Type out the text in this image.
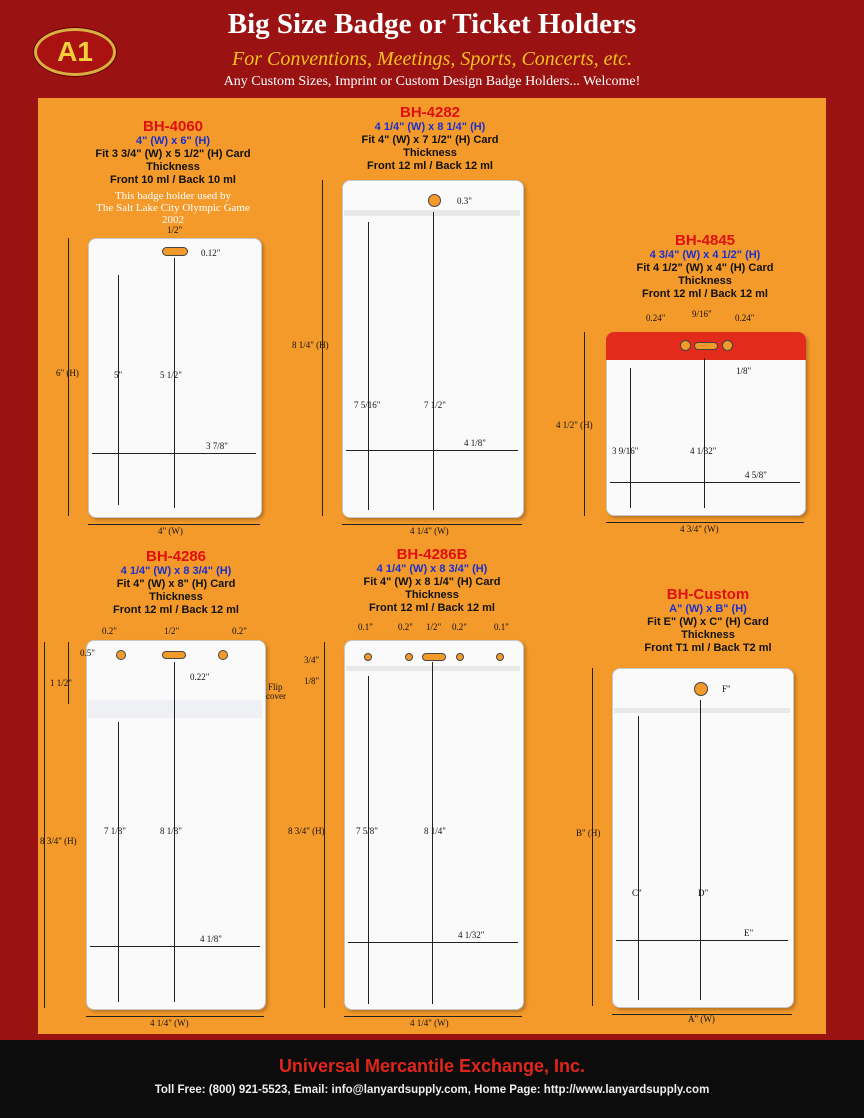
A1
Big Size Badge or Ticket Holders
For Conventions, Meetings, Sports, Concerts, etc.
Any Custom Sizes, Imprint or Custom Design Badge Holders... Welcome!
BH-4060
4" (W) x 6" (H)
Fit 3 3/4" (W) x 5 1/2" (H) Card
Thickness
Front 10 ml / Back 10 ml
This badge holder used by
The Salt Lake City Olympic Game 2002
1/2"
0.12"
6" (H)	5"	5 1/2"
3 7/8"
4" (W)
BH-4282
4 1/4" (W) x 8 1/4" (H)
Fit 4" (W) x 7 1/2" (H) Card
Thickness
Front 12 ml / Back 12 ml
0.3"
8 1/4" (H)
7 5/16"	7 1/2"
4 1/8"
4 1/4" (W)
BH-4845
4 3/4" (W) x 4 1/2" (H)
Fit 4 1/2" (W) x 4" (H) Card
Thickness
Front 12 ml / Back 12 ml
0.24"	9/16"	0.24"
1/8"
4 1/2" (H)
3 9/16"	4 1/32"
4 5/8"
4 3/4" (W)
BH-4286
4 1/4" (W) x 8 3/4" (H)
Fit 4" (W) x 8" (H) Card
Thickness
Front 12 ml / Back 12 ml
0.2"	1/2"	0.2"
0.5"
0.22"
Flip
cover
1 1/2"
8 3/4" (H)
7 1/8"	8 1/8"
4 1/8"
4 1/4" (W)
BH-4286B
4 1/4" (W) x 8 3/4" (H)
Fit 4" (W) x 8 1/4" (H) Card
Thickness
Front 12 ml / Back 12 ml
0.1"	0.2" 1/2" 0.2"	0.1"
3/4"
1/8"
8 3/4" (H)	7 5/8"	8 1/4"
4 1/32"
4 1/4" (W)
BH-Custom
A" (W) x B" (H)
Fit E" (W) x C" (H) Card
Thickness
Front T1 ml / Back T2 ml
F"
B" (H)
C"	D"
E"
A" (W)
Universal Mercantile Exchange, Inc.
Toll Free: (800) 921-5523, Email: info@lanyardsupply.com, Home Page: http://www.lanyardsupply.com
